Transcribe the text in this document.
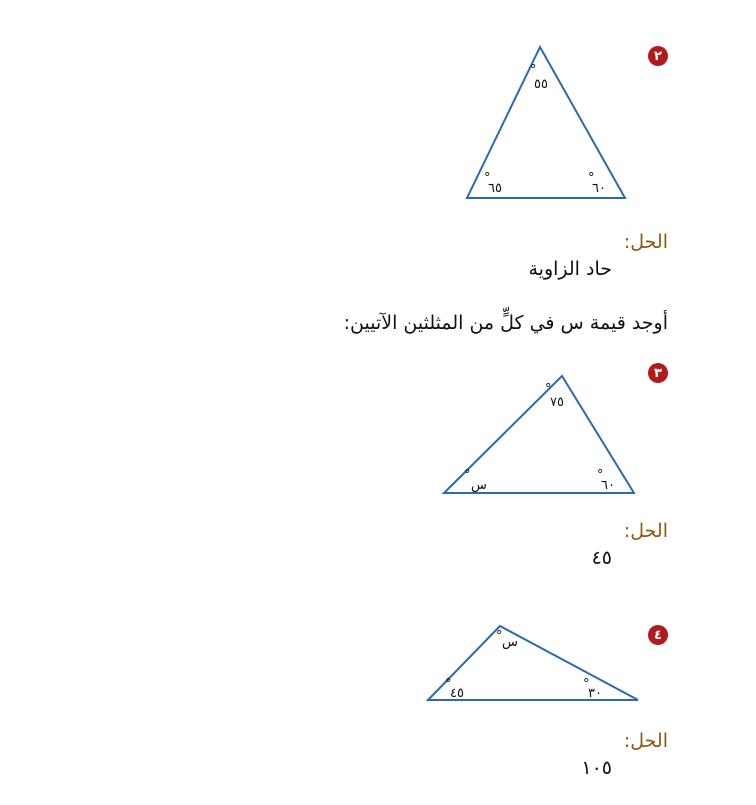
٢
°
٥٥
°
٦٥
°
٦٠
°
٧٥
°
س
°
٦٠
° س
°
٤٥
°
٣٠
الحل:
حاد الزاوية
أوجد قيمة س في كلٍّ من المثلثين الآتيين:
٣
الحل:
٤٥
٤
الحل:
١٠٥
